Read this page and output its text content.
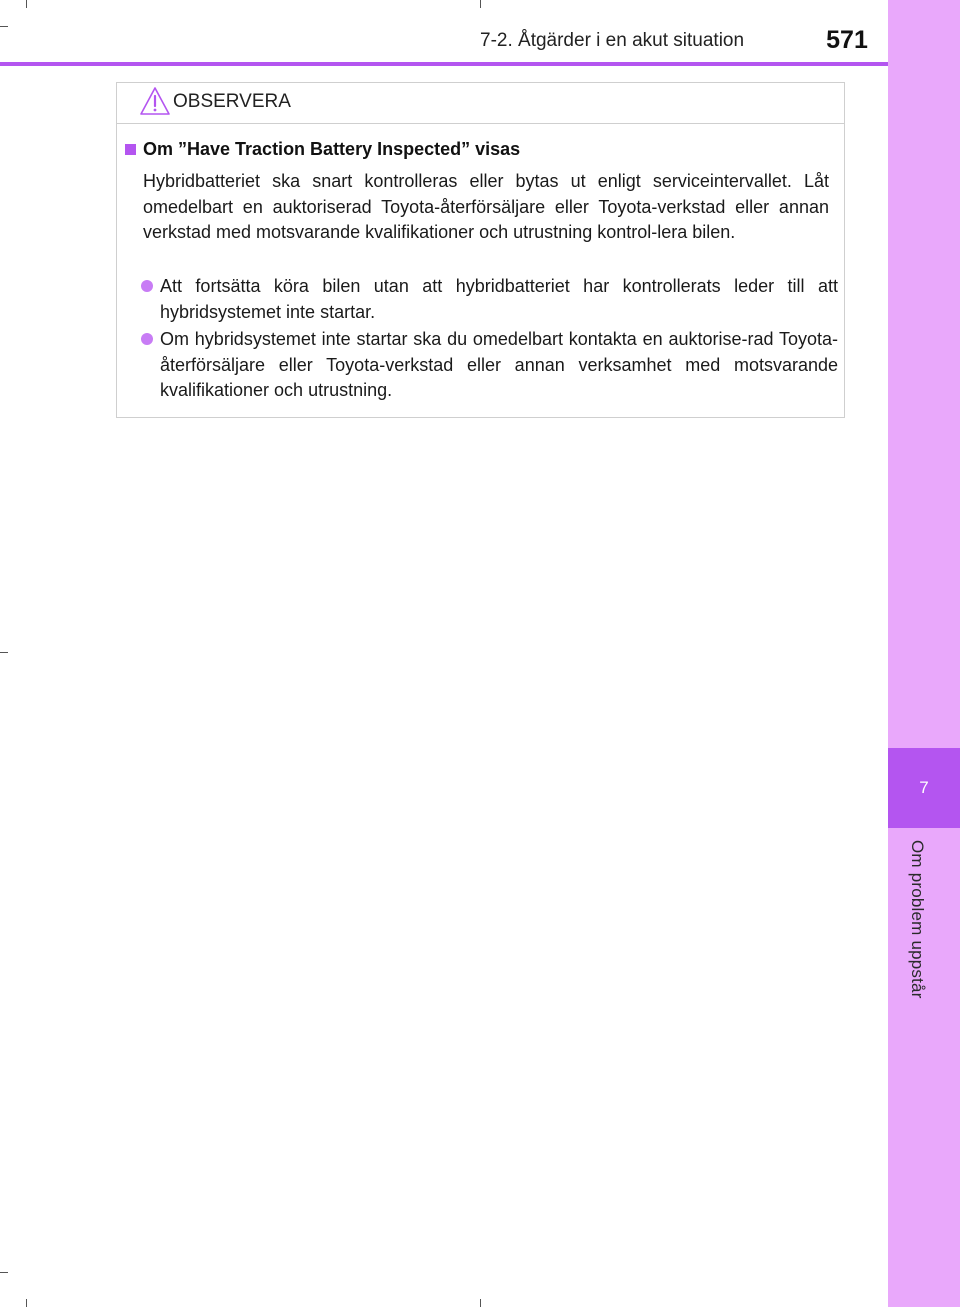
7-2. Åtgärder i en akut situation	571
7
Om problem uppstår
OBSERVERA
Om ”Have Traction Battery Inspected” visas

Hybridbatteriet ska snart kontrolleras eller bytas ut enligt serviceintervallet. Låt omedelbart en auktoriserad Toyota-återförsäljare eller Toyota-verkstad eller annan verkstad med motsvarande kvalifikationer och utrustning kontrol-lera bilen.

Att fortsätta köra bilen utan att hybridbatteriet har kontrollerats leder till att hybridsystemet inte startar.

Om hybridsystemet inte startar ska du omedelbart kontakta en auktorise-rad Toyota-återförsäljare eller Toyota-verkstad eller annan verksamhet med motsvarande kvalifikationer och utrustning.
